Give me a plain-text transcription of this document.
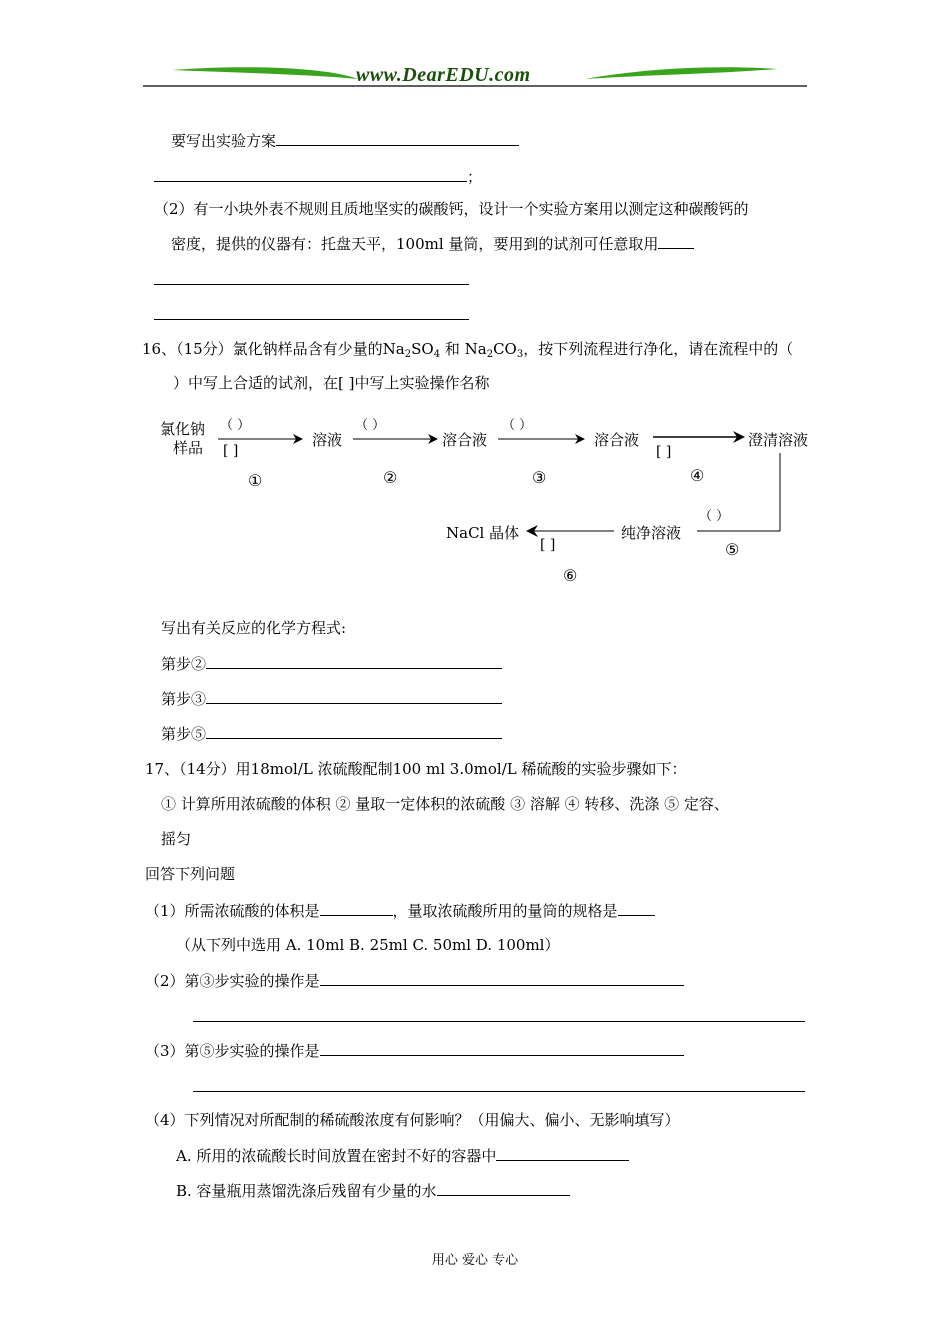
www.DearEDU.com
要写出实验方案
；
（2）有一小块外表不规则且质地坚实的碳酸钙，设计一个实验方案用以测定这种碳酸钙的
密度，提供的仪器有：托盘天平，100ml 量筒，要用到的试剂可任意取用
16、（15分）氯化钠样品含有少量的$Na_2SO_4$ 和 $Na_2CO_3$，按下列流程进行净化，请在流程中的（
）中写上合适的试剂，在[ ]中写上实验操作名称
氯化钠
样品
（ ）
[ ]
溶液
①
（ ）
溶合液
②
（ ）
溶合液
③
[ ]
澄清溶液
④
（ ）
纯净溶液
⑤
[ ]
NaCl 晶体
⑥
写出有关反应的化学方程式:
第步②
第步③
第步⑤
17、（14分）用18mol/L 浓硫酸配制100 ml 3.0mol/L 稀硫酸的实验步骤如下：
① 计算所用浓硫酸的体积 ② 量取一定体积的浓硫酸 ③ 溶解 ④ 转移、洗涤 ⑤ 定容、
摇匀
回答下列问题
（1）所需浓硫酸的体积是	，量取浓硫酸所用的量筒的规格是
（从下列中选用 A. 10ml B. 25ml C. 50ml D. 100ml）
（2）第③步实验的操作是
（3）第⑤步实验的操作是
（4）下列情况对所配制的稀硫酸浓度有何影响？（用偏大、偏小、无影响填写）
A. 所用的浓硫酸长时间放置在密封不好的容器中
B. 容量瓶用蒸馏洗涤后残留有少量的水
用心 爱心 专心
